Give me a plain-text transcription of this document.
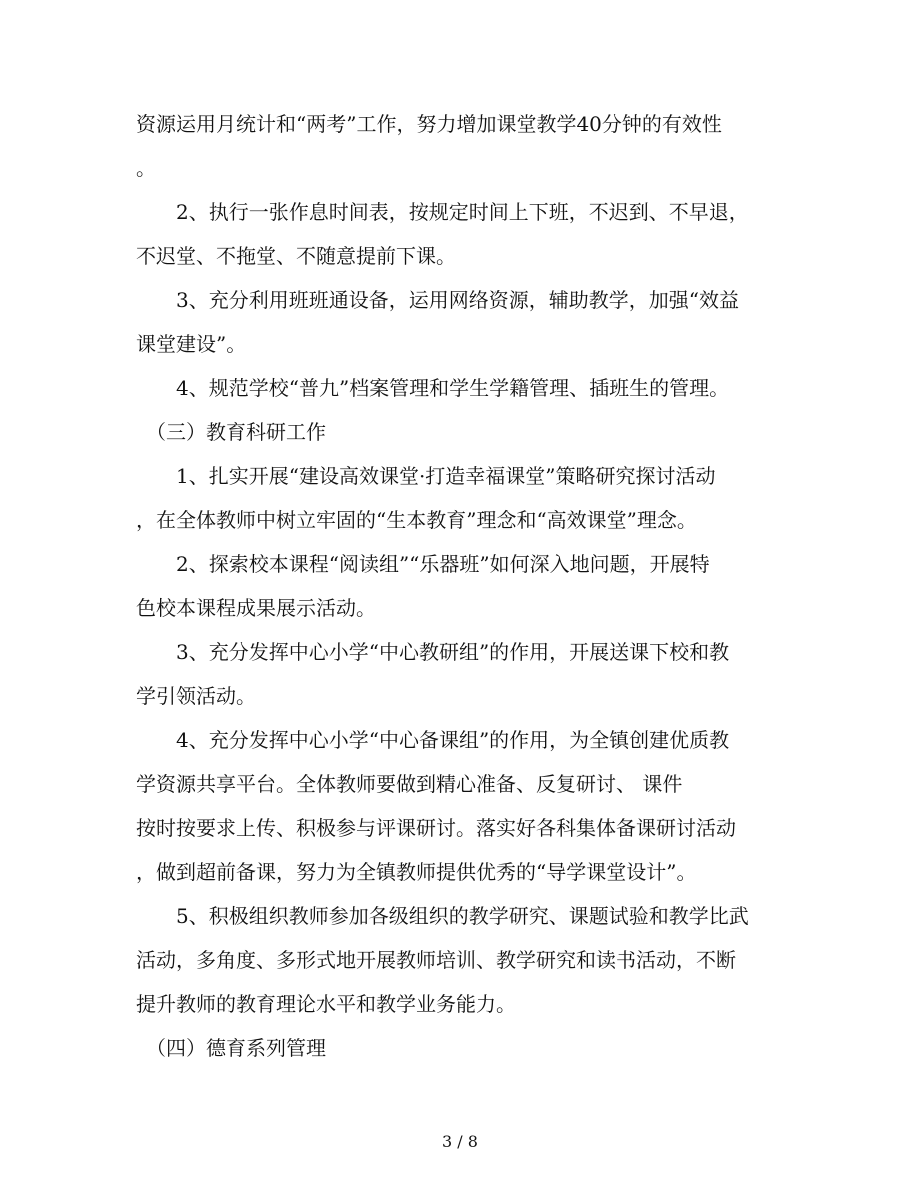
资源运用月统计和“两考”工作，努力增加课堂教学40分钟的有效性
。
　　2、执行一张作息时间表，按规定时间上下班，不迟到、不早退，
不迟堂、不拖堂、不随意提前下课。
　　3、充分利用班班通设备，运用网络资源，辅助教学，加强“效益
课堂建设”。
　　4、规范学校“普九”档案管理和学生学籍管理、插班生的管理。
　（三）教育科研工作
　　1、扎实开展“建设高效课堂·打造幸福课堂”策略研究探讨活动
，在全体教师中树立牢固的“生本教育”理念和“高效课堂”理念。
　　2、探索校本课程“阅读组”“乐器班”如何深入地问题，开展特
色校本课程成果展示活动。
　　3、充分发挥中心小学“中心教研组”的作用，开展送课下校和教
学引领活动。
　　4、充分发挥中心小学“中心备课组”的作用，为全镇创建优质教
学资源共享平台。全体教师要做到精心准备、反复研讨、 课件
按时按要求上传、积极参与评课研讨。落实好各科集体备课研讨活动
，做到超前备课，努力为全镇教师提供优秀的“导学课堂设计”。
　　5、积极组织教师参加各级组织的教学研究、课题试验和教学比武
活动，多角度、多形式地开展教师培训、教学研究和读书活动，不断
提升教师的教育理论水平和教学业务能力。
　（四）德育系列管理
3 / 8
